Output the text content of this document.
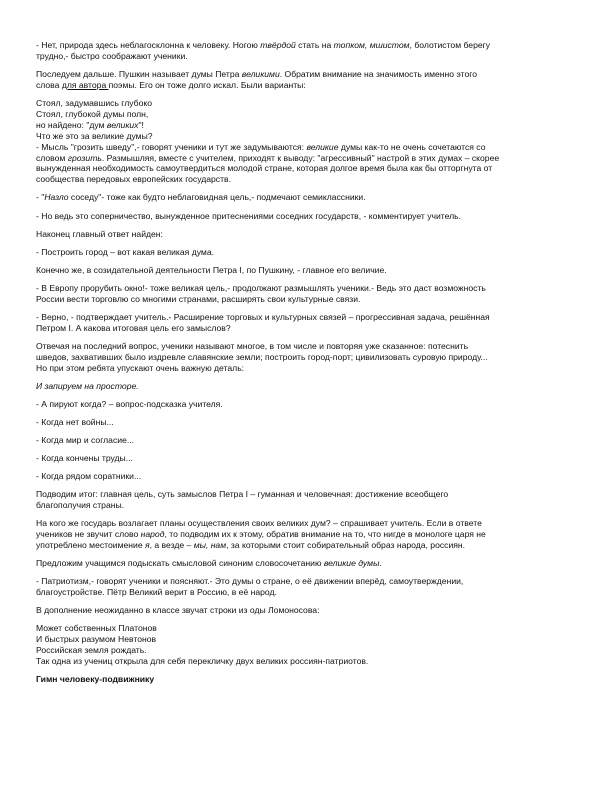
- Нет, природа здесь неблагосклонна к человеку. Ногою твёрдой стать на топком, мшистом, болотистом берегу
трудно,- быстро соображают ученики.
Последуем дальше. Пушкин называет думы Петра великими. Обратим внимание на значимость именно этого
слова для автора поэмы. Его он тоже долго искал. Были варианты:
Стоял, задумавшись глубоко
Стоял, глубокой думы полн,
но найдено: "дум великих"!
Что же это за великие думы?
- Мысль "грозить шведу",- говорят ученики и тут же задумываются: великие думы как-то не очень сочетаются со
словом грозить. Размышляя, вместе с учителем, приходят к выводу: "агрессивный" настрой в этих думах – скорее
вынужденная необходимость самоутвердиться молодой стране, которая долгое время была как бы отторгнута от
сообщества передовых европейских государств.
- "Назло соседу"- тоже как будто неблаговидная цель,- подмечают семиклассники.
- Но ведь это соперничество, вынужденное притеснениями соседних государств, - комментирует учитель.
Наконец главный ответ найден:
- Построить город – вот какая великая дума.
Конечно же, в созидательной деятельности Петра I, по Пушкину, - главное его величие.
- В Европу прорубить окно!- тоже великая цель,- продолжают размышлять ученики.- Ведь это даст возможность
России вести торговлю со многими странами, расширять свои культурные связи.
- Верно, - подтверждает учитель.- Расширение торговых и культурных связей – прогрессивная задача, решённая
Петром I. А какова итоговая цель его замыслов?
Отвечая на последний вопрос, ученики называют многое, в том числе и повторяя уже сказанное: потеснить
шведов, захвативших было издревле славянские земли; построить город-порт; цивилизовать суровую природу...
Но при этом ребята упускают очень важную деталь:
И запируем на просторе.
- А пируют когда? – вопрос-подсказка учителя.
- Когда нет войны...
- Когда мир и согласие...
- Когда кончены труды...
- Когда рядом соратники...
Подводим итог: главная цель, суть замыслов Петра I – гуманная и человечная: достижение всеобщего
благополучия страны.
На кого же государь возлагает планы осуществления своих великих дум? – спрашивает учитель. Если в ответе
учеников не звучит слово народ, то подводим их к этому, обратив внимание на то, что нигде в монологе царя не
употреблено местоимение я, а везде – мы, нам, за которыми стоит собирательный образ народа, россиян.
Предложим учащимся подыскать смысловой синоним словосочетанию великие думы.
- Патриотизм,- говорят ученики и поясняют.- Это думы о стране, о её движении вперёд, самоутверждении,
благоустройстве. Пётр Великий верит в Россию, в её народ.
В дополнение неожиданно в классе звучат строки из оды Ломоносова:
Может собственных Платонов
И быстрых разумом Невтонов
Российская земля рождать.
Так одна из учениц открыла для себя перекличку двух великих россиян-патриотов.
Гимн человеку-подвижнику
